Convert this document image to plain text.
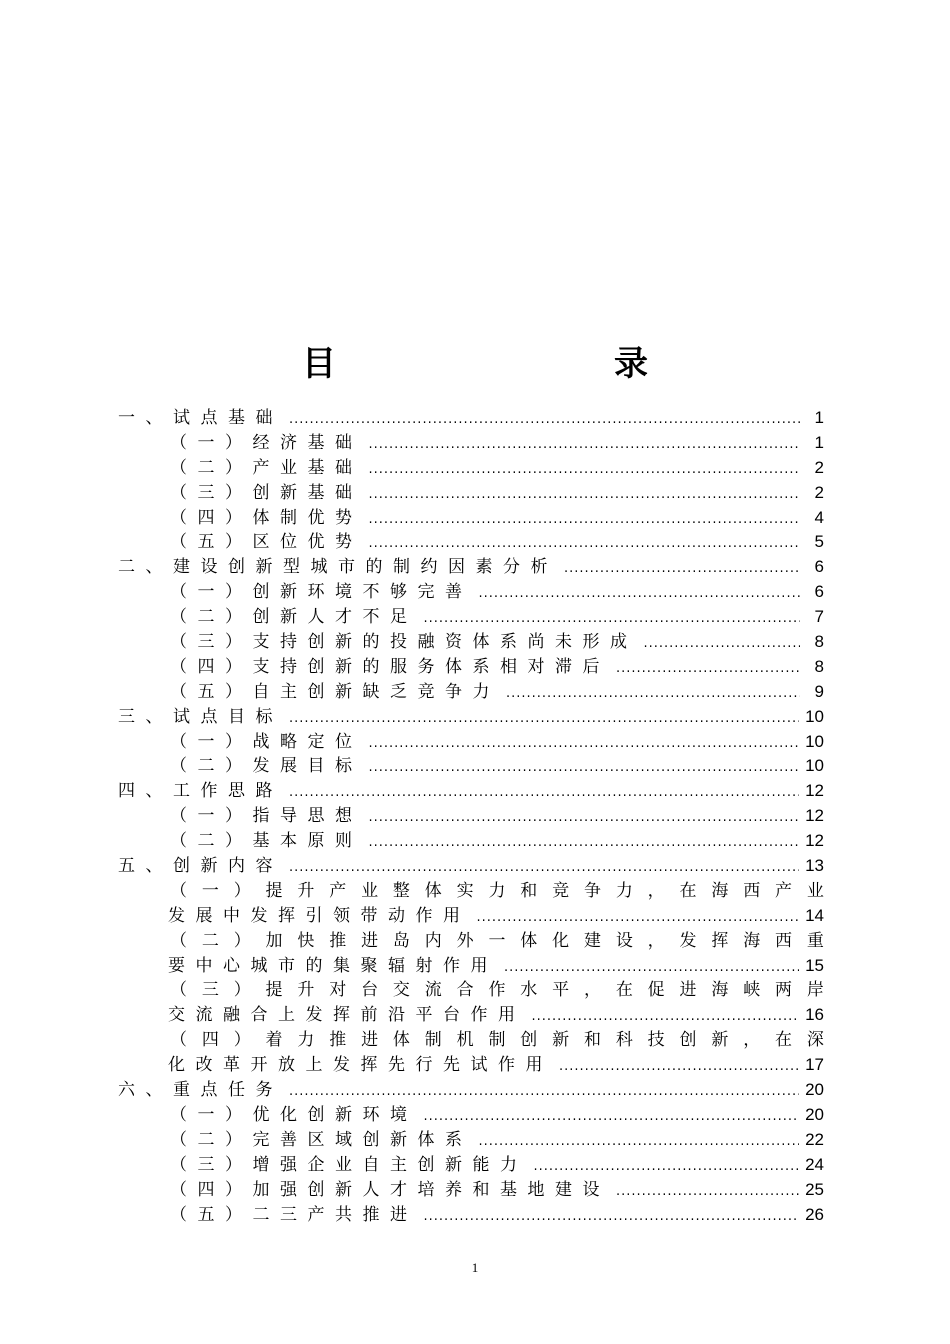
目　　录
一、试点基础 .....	1
（一）经济基础 .....	1
（二）产业基础 .....	2
（三）创新基础 .....	2
（四）体制优势 .....	4
（五）区位优势 .....	5
二、建设创新型城市的制约因素分析 .....	6
（一）创新环境不够完善 .....	6
（二）创新人才不足 .....	7
（三）支持创新的投融资体系尚未形成 .....	8
（四）支持创新的服务体系相对滞后 .....	8
（五）自主创新缺乏竞争力 .....	9
三、试点目标 .....	10
（一）战略定位 .....	10
（二）发展目标 .....	10
四、工作思路 .....	12
（一）指导思想 .....	12
（二）基本原则 .....	12
五、创新内容 .....	13
（ 一 ） 提 升 产 业 整 体 实 力 和 竞 争 力 ， 在 海 西 产 业
发展中发挥引领带动作用 .....	14
（ 二 ） 加 快 推 进 岛 内 外 一 体 化 建 设 ， 发 挥 海 西 重
要中心城市的集聚辐射作用 .....	15
（ 三 ） 提 升 对 台 交 流 合 作 水 平 ， 在 促 进 海 峡 两 岸
交流融合上发挥前沿平台作用 .....	16
（ 四 ） 着 力 推 进 体 制 机 制 创 新 和 科 技 创 新 ， 在 深
化改革开放上发挥先行先试作用 .....	17
六、重点任务 .....	20
（一）优化创新环境 .....	20
（二）完善区域创新体系 .....	22
（三）增强企业自主创新能力 .....	24
（四）加强创新人才培养和基地建设 .....	25
（五）二三产共推进 .....	26
1
